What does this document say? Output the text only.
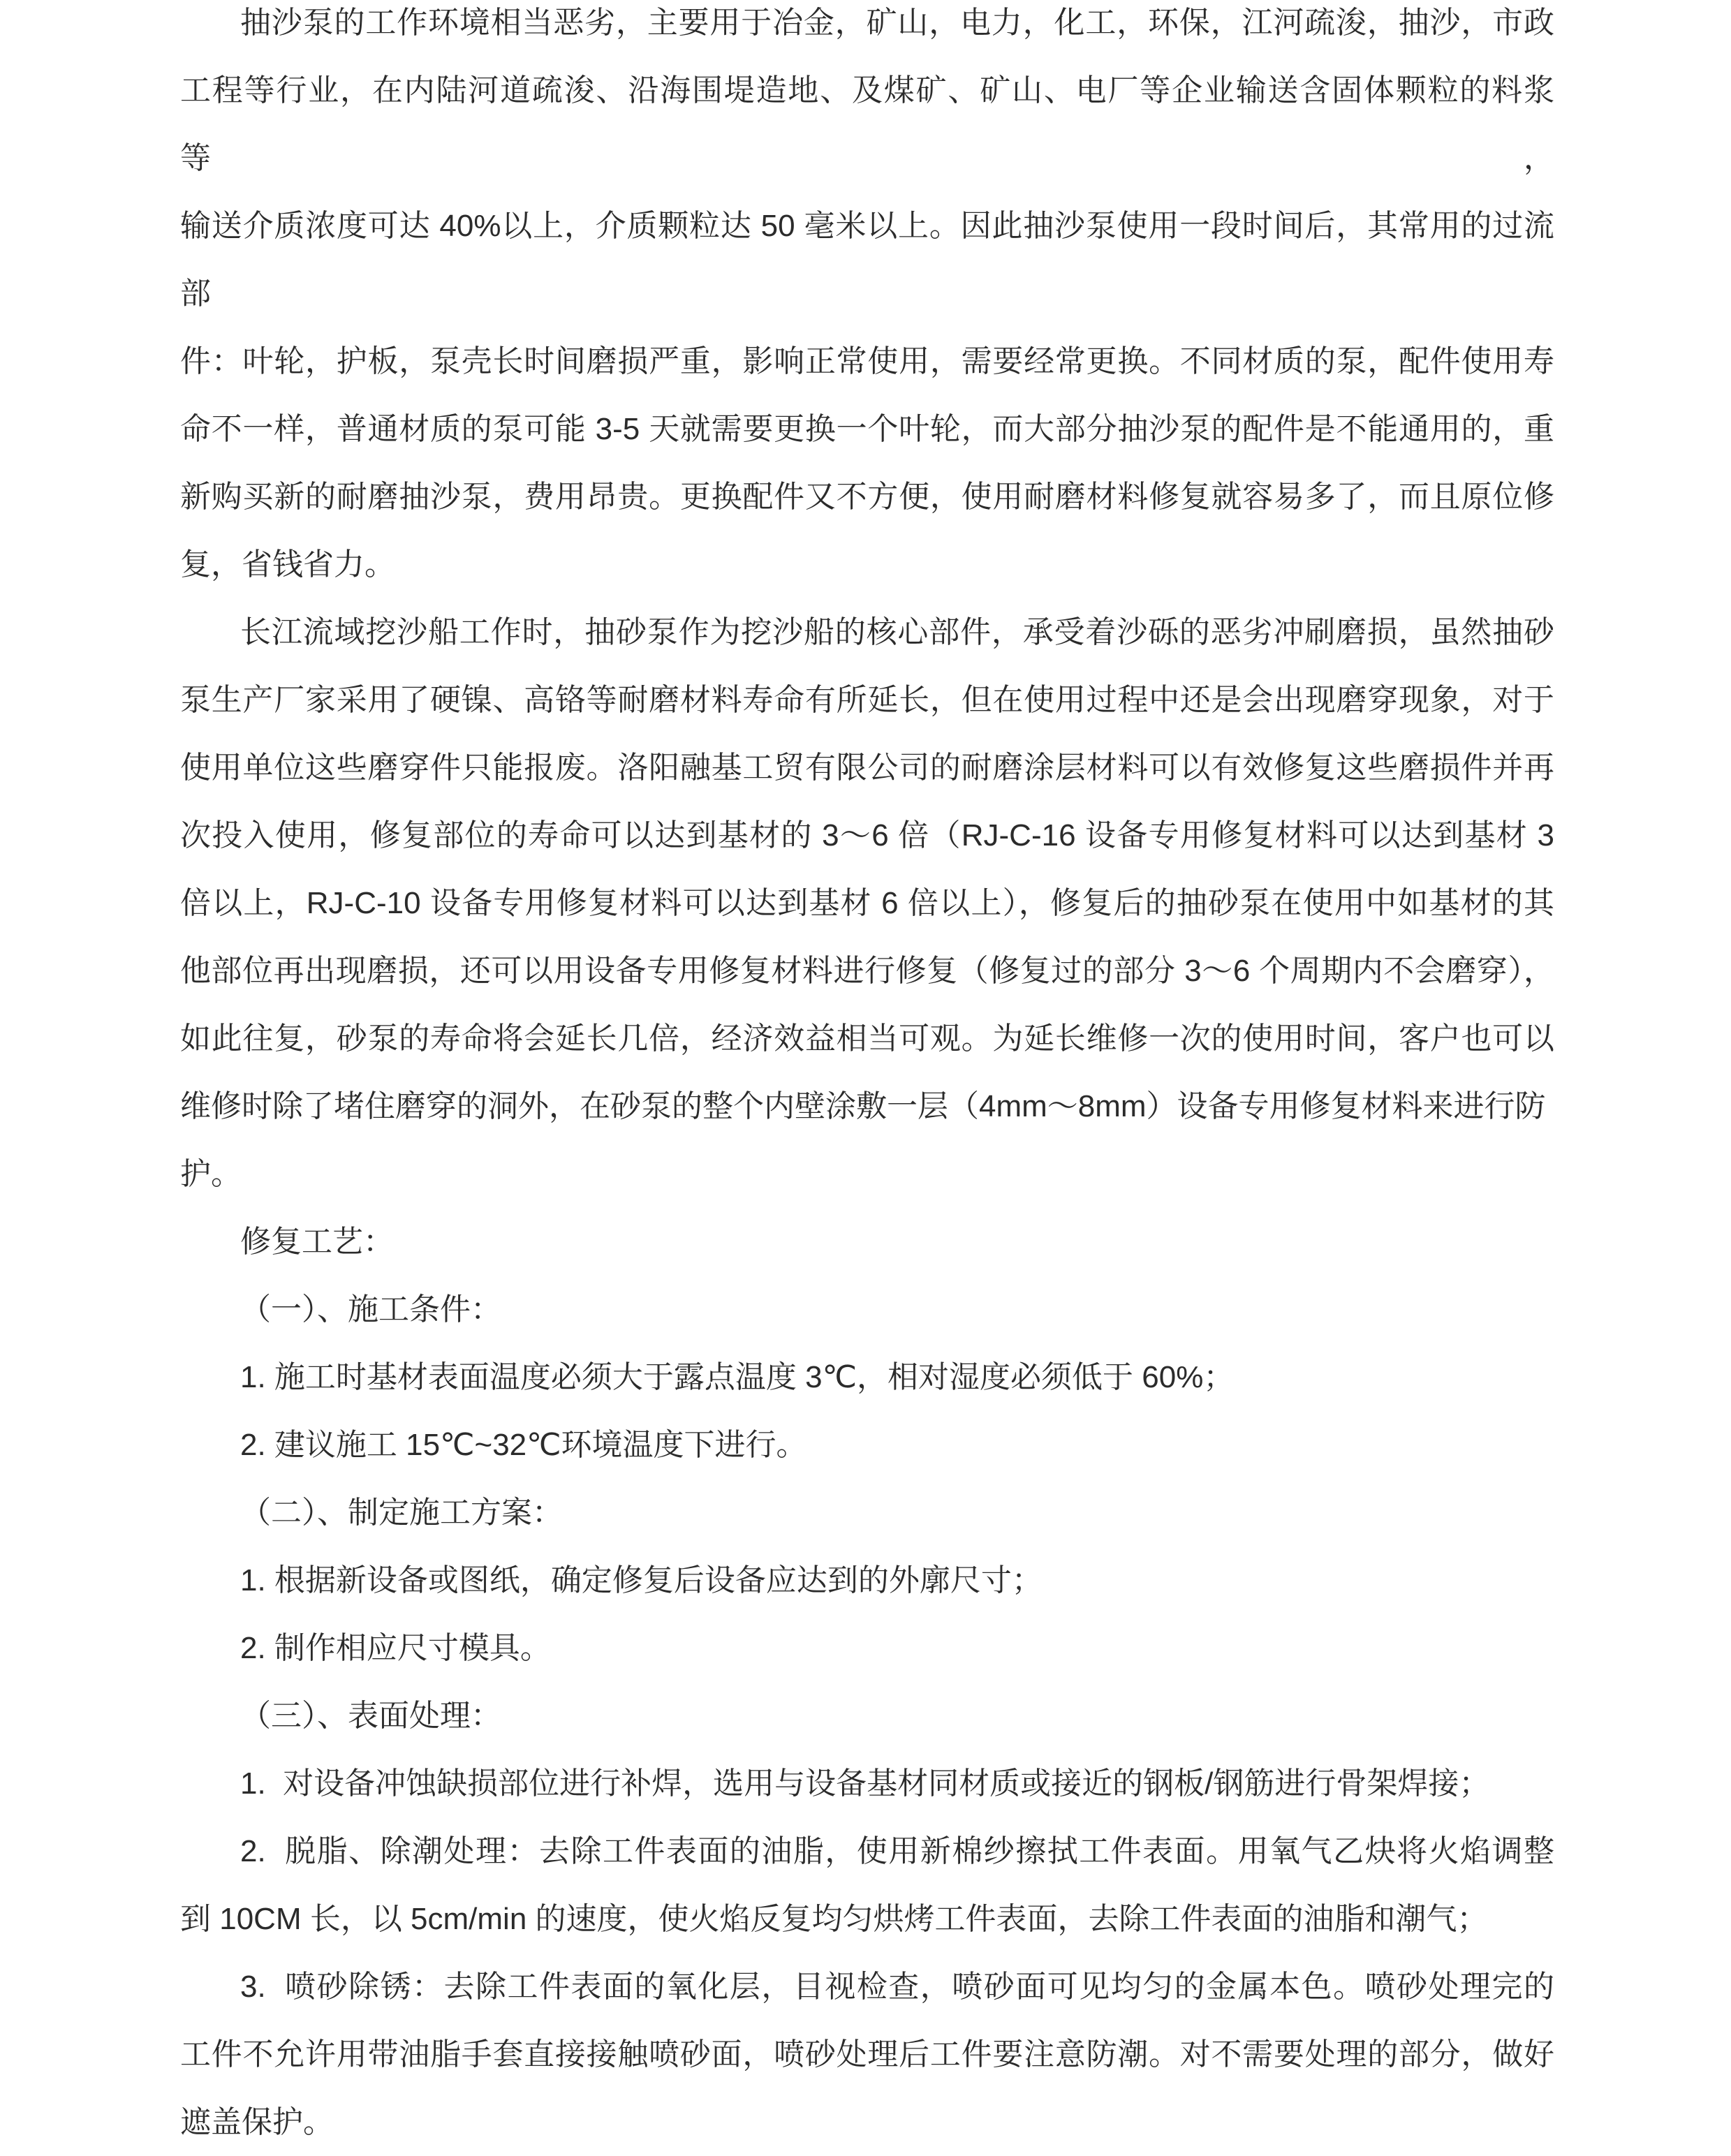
抽沙泵的工作环境相当恶劣，主要用于冶金，矿山，电力，化工，环保，江河疏浚，抽沙，市政
工程等行业，在内陆河道疏浚、沿海围堤造地、及煤矿、矿山、电厂等企业输送含固体颗粒的料浆等，
输送介质浓度可达 40%以上，介质颗粒达 50 毫米以上。因此抽沙泵使用一段时间后，其常用的过流部
件：叶轮，护板，泵壳长时间磨损严重，影响正常使用，需要经常更换。不同材质的泵，配件使用寿
命不一样，普通材质的泵可能 3-5 天就需要更换一个叶轮，而大部分抽沙泵的配件是不能通用的，重
新购买新的耐磨抽沙泵，费用昂贵。更换配件又不方便，使用耐磨材料修复就容易多了，而且原位修
复，省钱省力。
长江流域挖沙船工作时，抽砂泵作为挖沙船的核心部件，承受着沙砾的恶劣冲刷磨损，虽然抽砂
泵生产厂家采用了硬镍、高铬等耐磨材料寿命有所延长，但在使用过程中还是会出现磨穿现象，对于
使用单位这些磨穿件只能报废。洛阳融基工贸有限公司的耐磨涂层材料可以有效修复这些磨损件并再
次投入使用，修复部位的寿命可以达到基材的 3～6 倍（RJ-C-16 设备专用修复材料可以达到基材 3
倍以上，RJ-C-10 设备专用修复材料可以达到基材 6 倍以上），修复后的抽砂泵在使用中如基材的其
他部位再出现磨损，还可以用设备专用修复材料进行修复（修复过的部分 3～6 个周期内不会磨穿），
如此往复，砂泵的寿命将会延长几倍，经济效益相当可观。为延长维修一次的使用时间，客户也可以
维修时除了堵住磨穿的洞外，在砂泵的整个内壁涂敷一层（4mm～8mm）设备专用修复材料来进行防护。
修复工艺：
（一）、施工条件：
1. 施工时基材表面温度必须大于露点温度 3℃，相对湿度必须低于 60%；
2. 建议施工 15℃~32℃环境温度下进行。
（二）、制定施工方案：
1. 根据新设备或图纸，确定修复后设备应达到的外廓尺寸；
2. 制作相应尺寸模具。
（三）、表面处理：
1.  对设备冲蚀缺损部位进行补焊，选用与设备基材同材质或接近的钢板/钢筋进行骨架焊接；
2.  脱脂、除潮处理：去除工件表面的油脂，使用新棉纱擦拭工件表面。用氧气乙炔将火焰调整
到 10CM 长，以 5cm/min 的速度，使火焰反复均匀烘烤工件表面，去除工件表面的油脂和潮气；
3.  喷砂除锈：去除工件表面的氧化层，目视检查，喷砂面可见均匀的金属本色。喷砂处理完的
工件不允许用带油脂手套直接接触喷砂面，喷砂处理后工件要注意防潮。对不需要处理的部分，做好
遮盖保护。
